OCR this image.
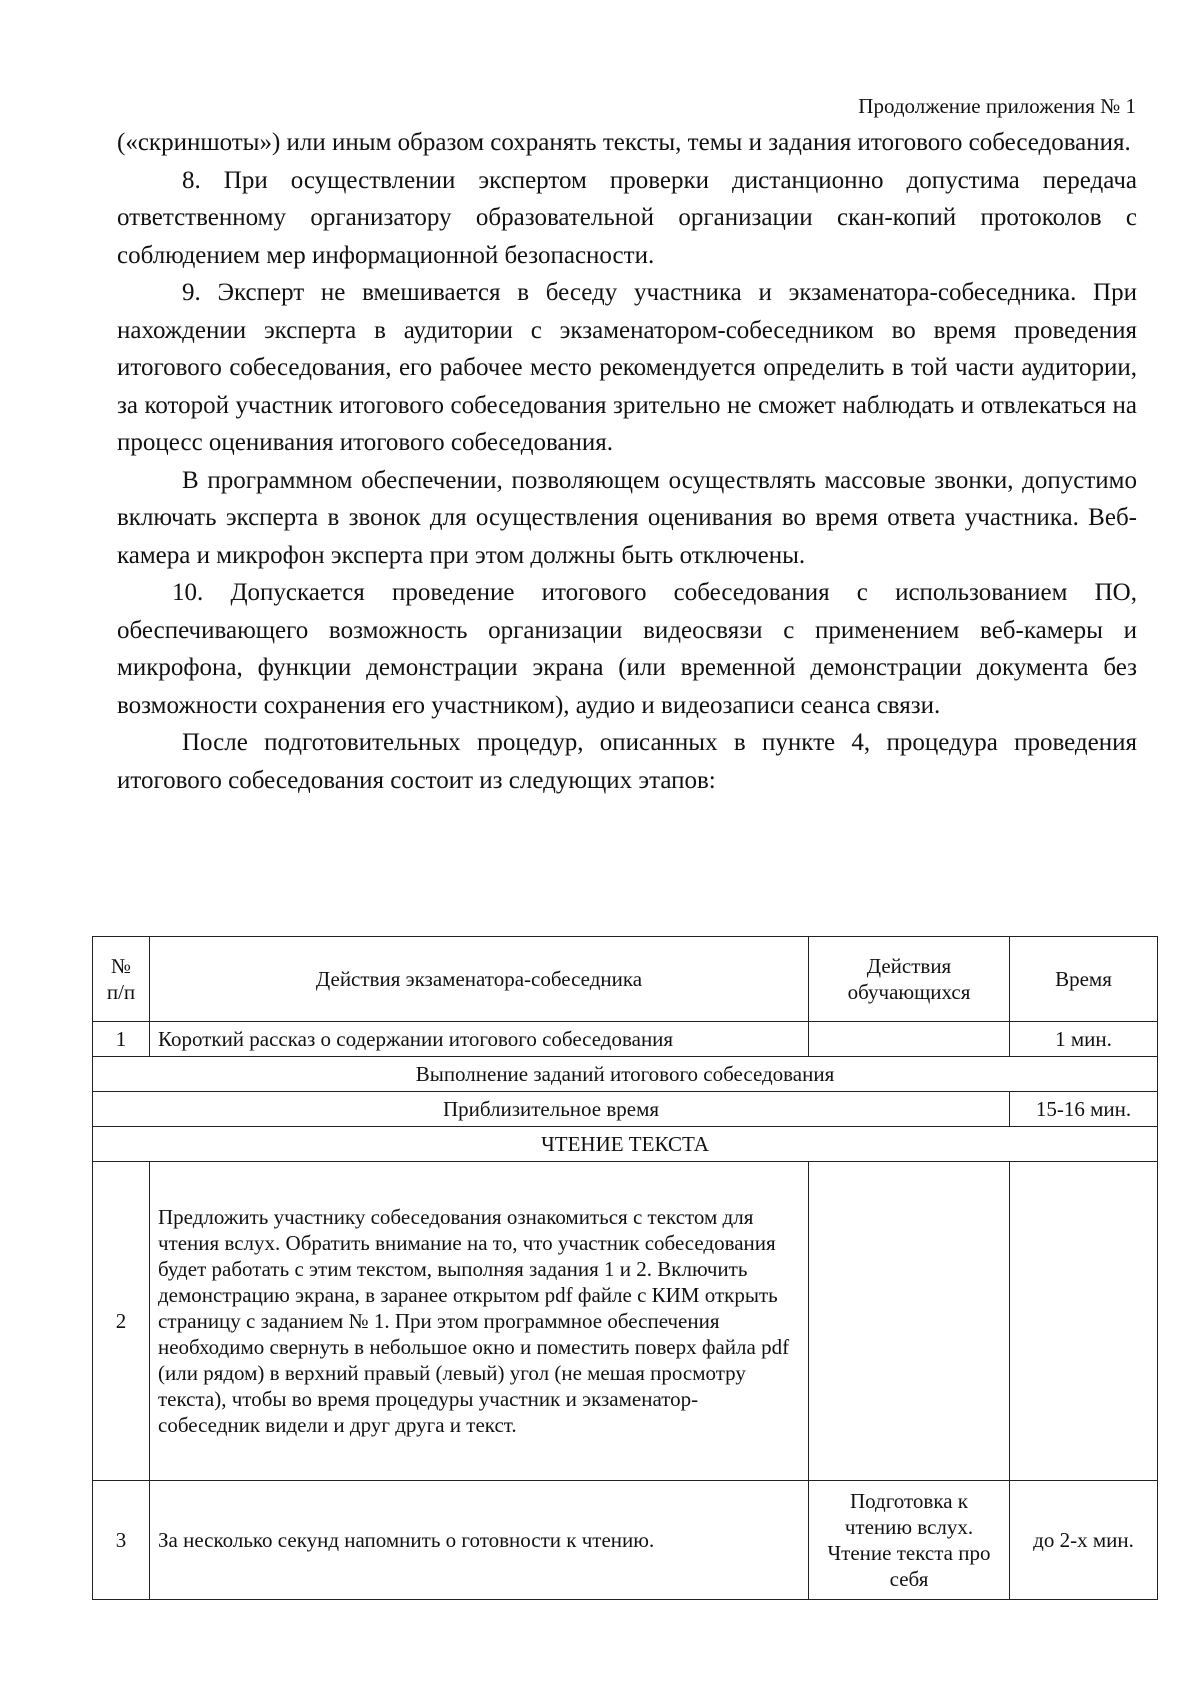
Продолжение приложения № 1

(«скриншоты») или иным образом сохранять тексты, темы и задания итогового собеседования.

8. При осуществлении экспертом проверки дистанционно допустима передача ответственному организатору образовательной организации скан-копий протоколов с соблюдением мер информационной безопасности.

9. Эксперт не вмешивается в беседу участника и экзаменатора-собеседника. При нахождении эксперта в аудитории с экзаменатором-собеседником во время проведения итогового собеседования, его рабочее место рекомендуется определить в той части аудитории, за которой участник итогового собеседования зрительно не сможет наблюдать и отвлекаться на процесс оценивания итогового собеседования.

В программном обеспечении, позволяющем осуществлять массовые звонки, допустимо включать эксперта в звонок для осуществления оценивания во время ответа участника. Веб-камера и микрофон эксперта при этом должны быть отключены.

10. Допускается проведение итогового собеседования с использованием ПО, обеспечивающего возможность организации видеосвязи с применением веб-камеры и микрофона, функции демонстрации экрана (или временной демонстрации документа без возможности сохранения его участником), аудио и видеозаписи сеанса связи.

После подготовительных процедур, описанных в пункте 4, процедура проведения итогового собеседования состоит из следующих этапов:

№ п/п	Действия экзаменатора-собеседника	Действия обучающихся	Время
1	Короткий рассказ о содержании итогового собеседования		1 мин.
Выполнение заданий итогового собеседования			
Приблизительное время			15-16 мин.
ЧТЕНИЕ ТЕКСТА			
2	Предложить участнику собеседования ознакомиться с текстом для чтения вслух. Обратить внимание на то, что участник собеседования будет работать с этим текстом, выполняя задания 1 и 2. Включить демонстрацию экрана, в заранее открытом pdf файле с КИМ открыть страницу с заданием № 1. При этом программное обеспечения необходимо свернуть в небольшое окно и поместить поверх файла pdf (или рядом) в верхний правый (левый) угол (не мешая просмотру текста), чтобы во время процедуры участник и экзаменатор-собеседник видели и друг друга и текст.		
3	За несколько секунд напомнить о готовности к чтению.	Подготовка к чтению вслух. Чтение текста про себя	до 2-х мин.
